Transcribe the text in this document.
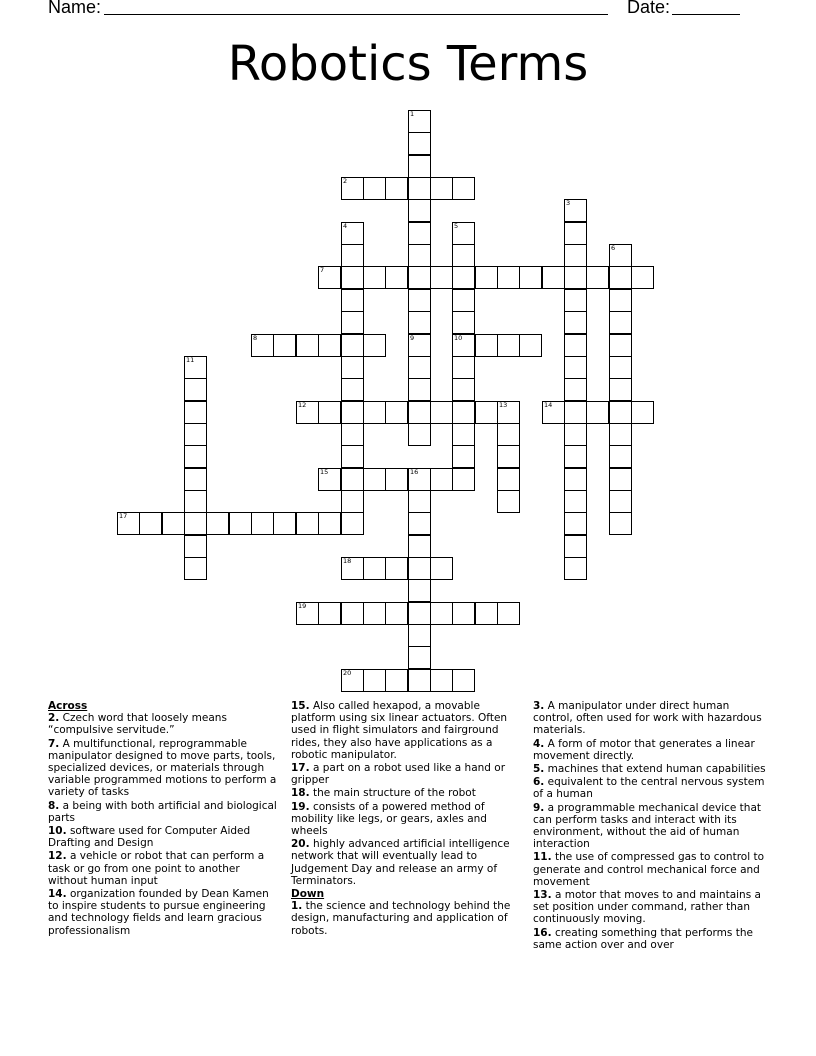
Name:	Date:
Robotics Terms
1
2
3
4	5
6
7
8	9	10
11
12	13	14
15	16
17
18
19
20
Across
2. Czech word that loosely means “compulsive servitude.”
7. A multifunctional, reprogrammable manipulator designed to move parts, tools, specialized devices, or materials through variable programmed motions to perform a variety of tasks
8. a being with both artificial and biological parts
10. software used for Computer Aided Drafting and Design
12. a vehicle or robot that can perform a task or go from one point to another without human input
14. organization founded by Dean Kamen to inspire students to pursue engineering and technology fields and learn gracious professionalism
15. Also called hexapod, a movable platform using six linear actuators. Often used in flight simulators and fairground rides, they also have applications as a robotic manipulator.
17. a part on a robot used like a hand or gripper
18. the main structure of the robot
19. consists of a powered method of mobility like legs, or gears, axles and wheels
20. highly advanced artificial intelligence network that will eventually lead to Judgement Day and release an army of Terminators.
Down
1. the science and technology behind the design, manufacturing and application of robots.
3. A manipulator under direct human control, often used for work with hazardous materials.
4. A form of motor that generates a linear movement directly.
5. machines that extend human capabilities
6. equivalent to the central nervous system of a human
9. a programmable mechanical device that can perform tasks and interact with its environment, without the aid of human interaction
11. the use of compressed gas to control to generate and control mechanical force and movement
13. a motor that moves to and maintains a set position under command, rather than continuously moving.
16. creating something that performs the same action over and over
